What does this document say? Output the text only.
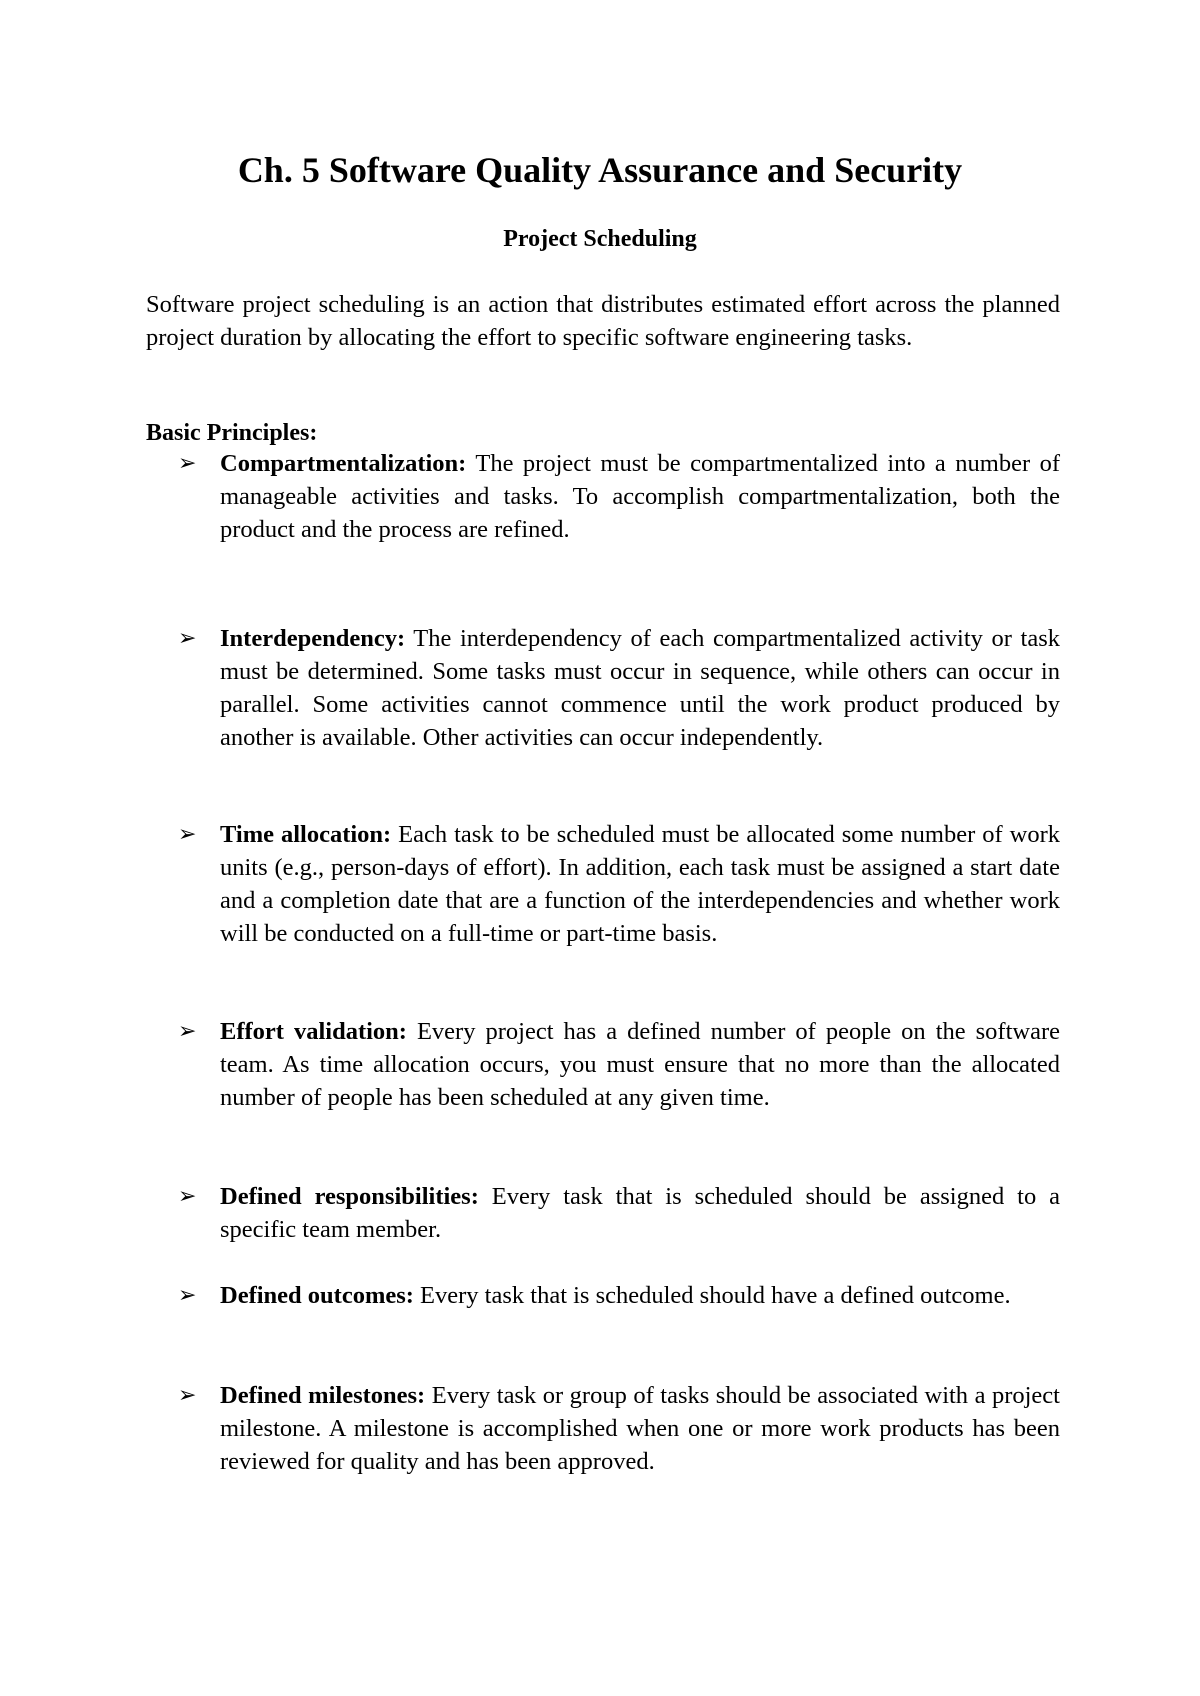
Ch. 5 Software Quality Assurance and Security
Project Scheduling

Software project scheduling is an action that distributes estimated effort across the planned project duration by allocating the effort to specific software engineering tasks.

Basic Principles:

➢ Compartmentalization: The project must be compartmentalized into a number of manageable activities and tasks. To accomplish compartmentalization, both the product and the process are refined.
➢ Interdependency: The interdependency of each compartmentalized activity or task must be determined. Some tasks must occur in sequence, while others can occur in parallel. Some activities cannot commence until the work product produced by another is available. Other activities can occur independently.
➢ Time allocation: Each task to be scheduled must be allocated some number of work units (e.g., person-days of effort). In addition, each task must be assigned a start date and a completion date that are a function of the interdependencies and whether work will be conducted on a full-time or part-time basis.
➢ Effort validation: Every project has a defined number of people on the software team. As time allocation occurs, you must ensure that no more than the allocated number of people has been scheduled at any given time.
➢ Defined responsibilities: Every task that is scheduled should be assigned to a specific team member.
➢ Defined outcomes: Every task that is scheduled should have a defined outcome.
➢ Defined milestones: Every task or group of tasks should be associated with a project milestone. A milestone is accomplished when one or more work products has been reviewed for quality and has been approved.
